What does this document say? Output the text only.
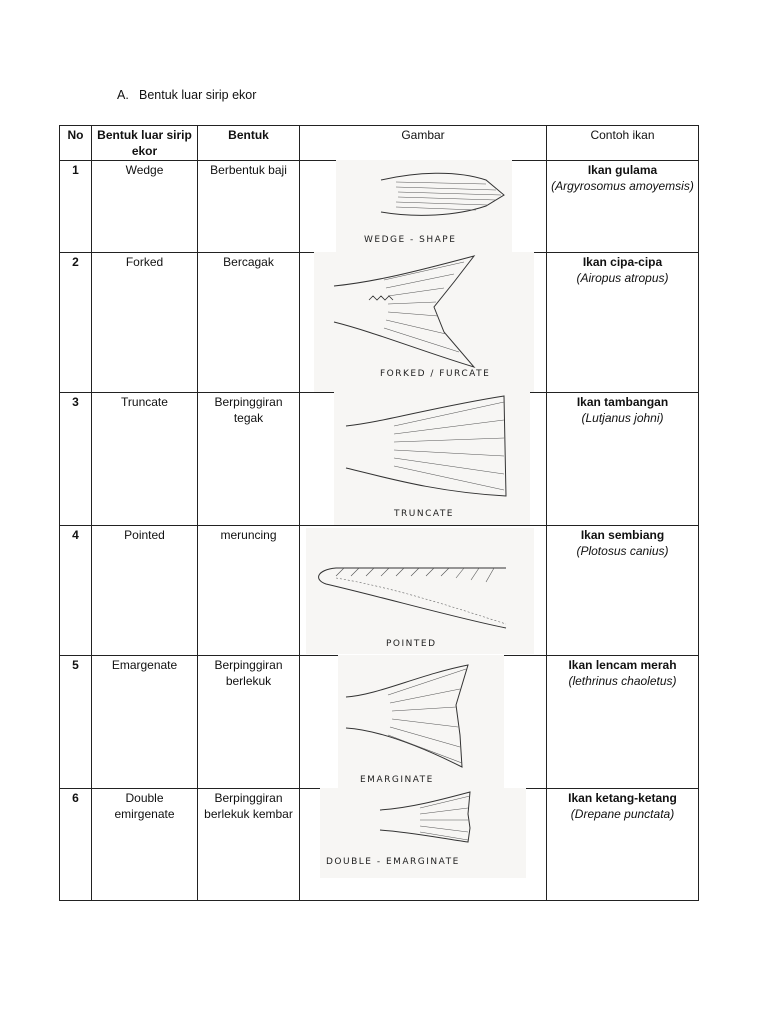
A. Bentuk luar sirip ekor
No	Bentuk luar sirip ekor	Bentuk	Gambar	Contoh ikan
1	Wedge	Berbentuk baji	WEDGE - SHAPE	Ikan gulama
(Argyrosomus amoyemsis)

2	Forked	Bercagak	FORKED / FURCATE	Ikan cipa-cipa
(Airopus atropus)

3	Truncate	Berpinggiran tegak	TRUNCATE	Ikan tambangan
(Lutjanus johni)

4	Pointed	meruncing	POINTED	Ikan sembiang
(Plotosus canius)

5	Emargenate	Berpinggiran berlekuk	EMARGINATE	Ikan lencam merah
(lethrinus chaoletus)

6	Double emirgenate	Berpinggiran berlekuk kembar	DOUBLE - EMARGINATE	Ikan ketang-ketang
(Drepane punctata)
